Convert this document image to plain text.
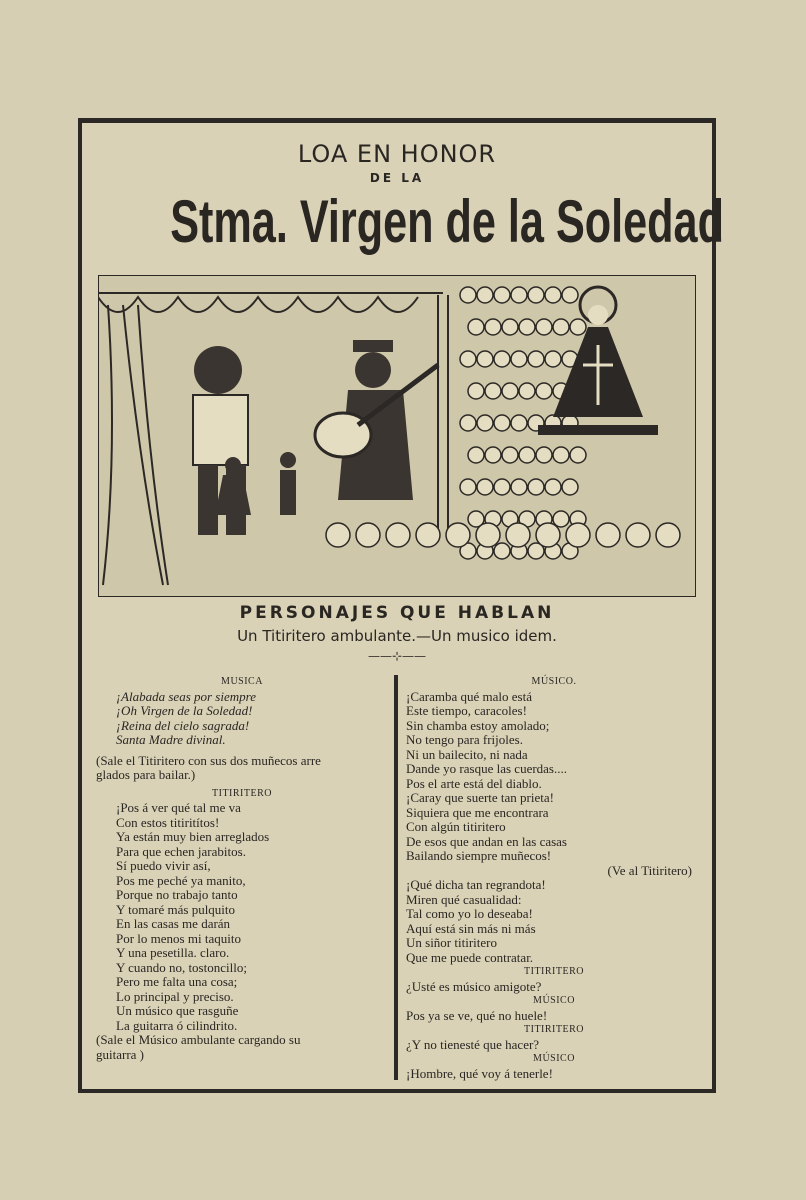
LOA EN HONOR
DE LA
Stma. Virgen de la Soledad
PERSONAJES QUE HABLAN
Un Titiritero ambulante.—Un musico idem.
——⊹——
MUSICA
¡Alabada seas por siempre
¡Oh Virgen de la Soledad!
¡Reina del cielo sagrada!
Santa Madre divinal.
(Sale el Titiritero con sus dos muñecos arre
glados para bailar.)
TITIRITERO
¡Pos á ver qué tal me va
Con estos titiritítos!
Ya están muy bien arreglados
Para que echen jarabitos.
Sí puedo vivir así,
Pos me peché ya manito,
Porque no trabajo tanto
Y tomaré más pulquito
En las casas me darán
Por lo menos mi taquito
Y una pesetilla. claro.
Y cuando no, tostoncillo;
Pero me falta una cosa;
Lo principal y preciso.
Un músico que rasguñe
La guitarra ó cilindrito.
(Sale el Músico ambulante cargando su
guitarra )
MÚSICO.
¡Caramba qué malo está
Este tiempo, caracoles!
Sin chamba estoy amolado;
No tengo para frijoles.
Ni un bailecito, ni nada
Dande yo rasque las cuerdas....
Pos el arte está del diablo.
¡Caray que suerte tan prieta!
Siquiera que me encontrara
Con algún titiritero
De esos que andan en las casas
Bailando siempre muñecos!
(Ve al Titiritero)
¡Qué dicha tan regrandota!
Miren qué casualidad:
Tal como yo lo deseaba!
Aquí está sin más ni más
Un siñor titiritero
Que me puede contratar.
TITIRITERO
¿Usté es músico amigote?
MÚSICO
Pos ya se ve, qué no huele!
TITIRITERO
¿Y no tienesté que hacer?
MÚSICO
¡Hombre, qué voy á tenerle!
